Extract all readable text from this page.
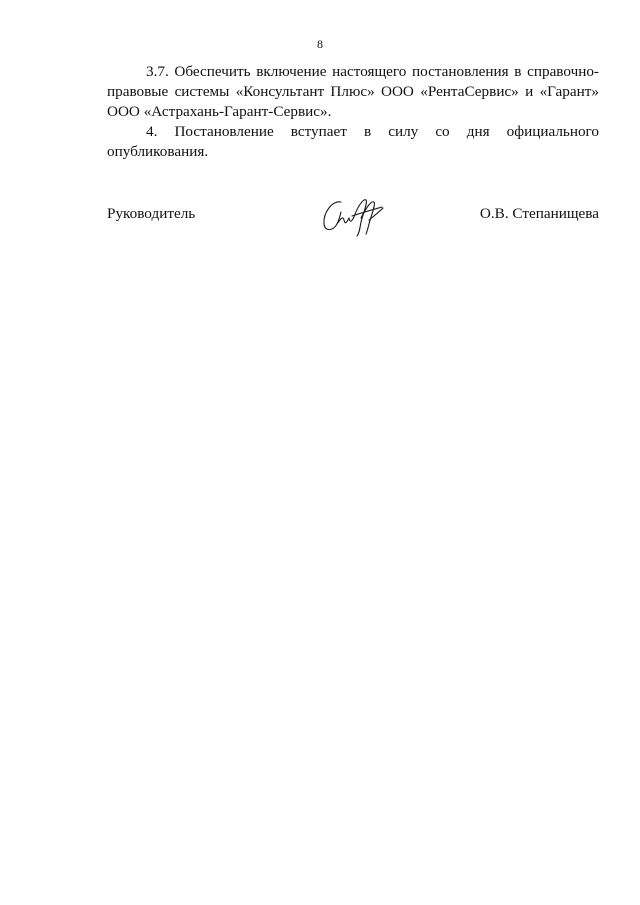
8

3.7. Обеспечить включение настоящего постановления в справочно-правовые системы «Консультант Плюс» ООО «РентаСервис» и «Гарант» ООО «Астрахань-Гарант-Сервис».

4. Постановление вступает в силу со дня официального опубликования.

Руководитель	О.В. Степанищева
